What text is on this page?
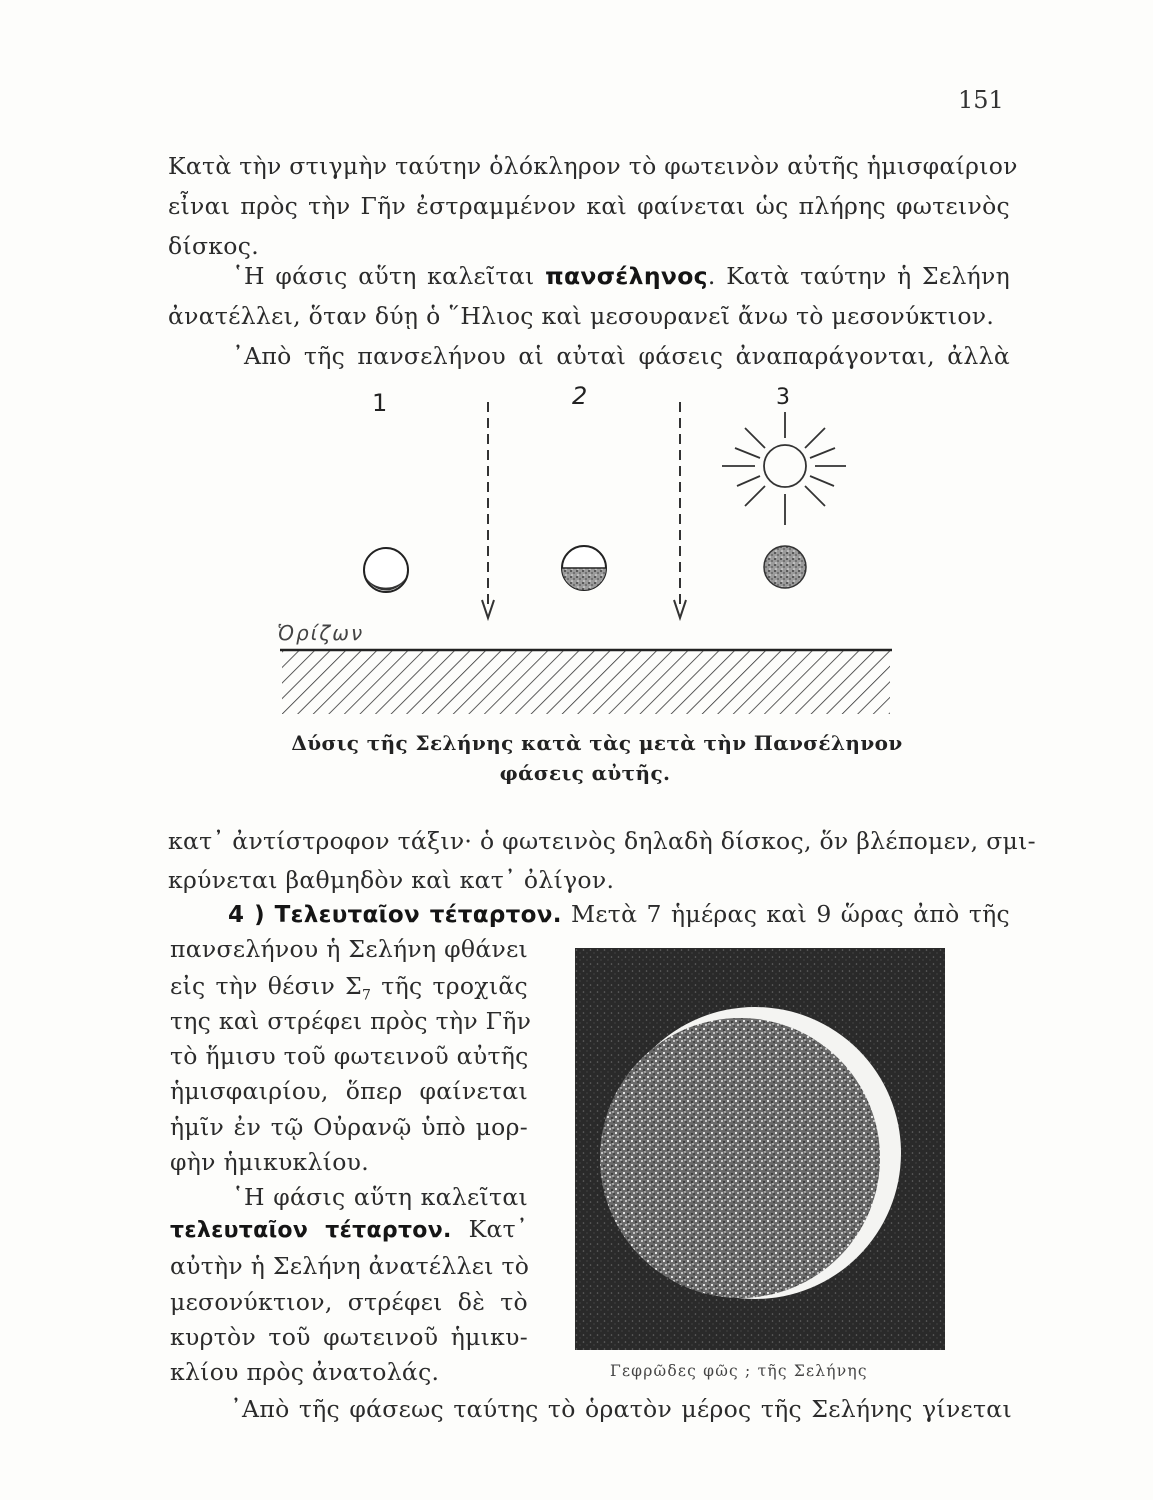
151
Κατὰ τὴν στιγμὴν ταύτην ὁλόκληρον τὸ φωτεινὸν αὐτῆς ἡμισφαίριον
εἶναι πρὸς τὴν Γῆν ἐστραμμένον καὶ φαίνεται ὡς πλήρης φωτεινὸς
δίσκος.
῾Η φάσις αὕτη καλεῖται πανσέληνος. Κατὰ ταύτην ἡ Σελήνη
ἀνατέλλει, ὅταν δύῃ ὁ ῞Ηλιος καὶ μεσουρανεῖ ἄνω τὸ μεσονύκτιον.
᾿Απὸ τῆς πανσελήνου αἱ αὐταὶ φάσεις ἀναπαράγονται, ἀλλὰ
1	2	3
Ὁρίζων
Δύσις τῆς Σελήνης κατὰ τὰς μετὰ τὴν Πανσέληνον
φάσεις αὐτῆς.
κατ᾿ ἀντίστροφον τάξιν· ὁ φωτεινὸς δηλαδὴ δίσκος, ὅν βλέπομεν, σμι-
κρύνεται βαθμηδὸν καὶ κατ᾿ ὀλίγον.
4 ) Τελευταῖον τέταρτον. Μετὰ 7 ἡμέρας καὶ 9 ὥρας ἀπὸ τῆς
πανσελήνου ἡ Σελήνη φθάνει
εἰς τὴν θέσιν $\Sigma_7$ τῆς τροχιᾶς
της καὶ στρέφει πρὸς τὴν Γῆν
τὸ ἥμισυ τοῦ φωτεινοῦ αὐτῆς
ἡμισφαιρίου, ὅπερ φαίνεται
ἡμῖν ἐν τῷ Οὐρανῷ ὑπὸ μορ-
φὴν ἡμικυκλίου.
῾Η φάσις αὕτη καλεῖται
τελευταῖον τέταρτον. Κατ᾿
αὐτὴν ἡ Σελήνη ἀνατέλλει τὸ
μεσονύκτιον, στρέφει δὲ τὸ
κυρτὸν τοῦ φωτεινοῦ ἡμικυ-
κλίου πρὸς ἀνατολάς.	Γεφρῶδες φῶς ; τῆς Σελήνης
᾿Απὸ τῆς φάσεως ταύτης τὸ ὁρατὸν μέρος τῆς Σελήνης γίνεται
